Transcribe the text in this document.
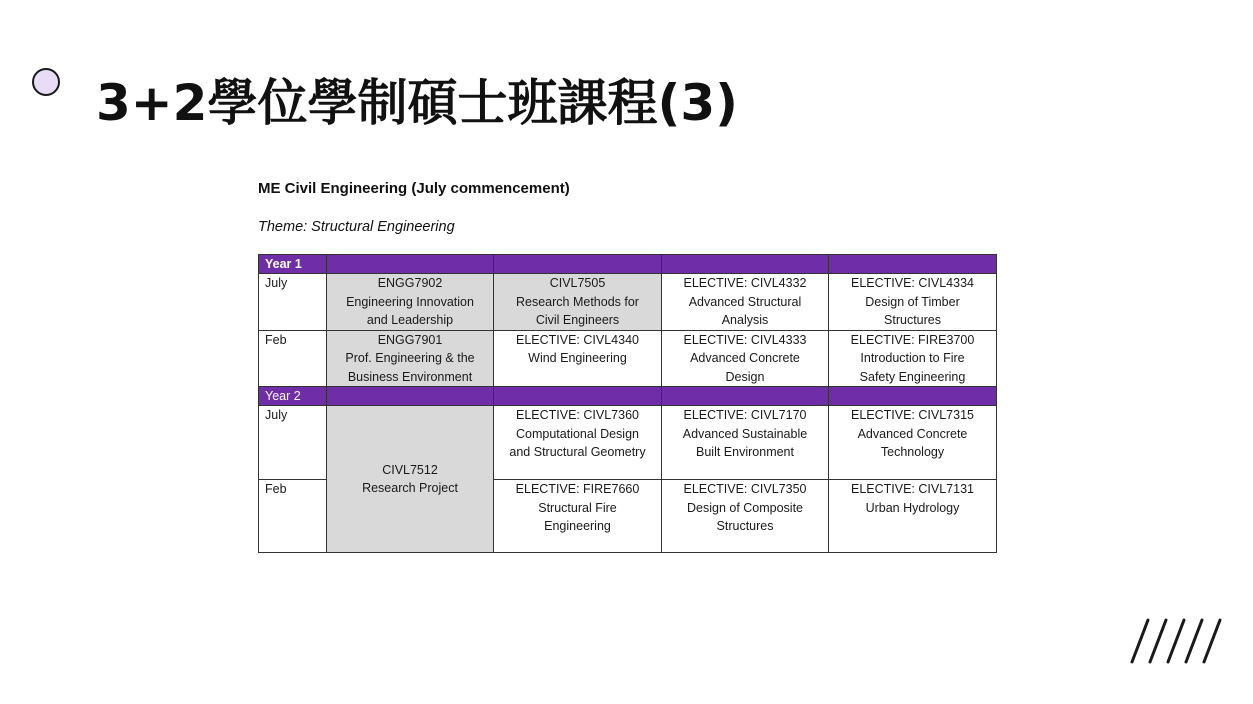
3+2學位學制碩士班課程(3)
ME Civil Engineering (July commencement)
Theme: Structural Engineering
Year 1				
July	ENGG7902
Engineering Innovation
and Leadership	CIVL7505
Research Methods for
Civil Engineers	ELECTIVE: CIVL4332
Advanced Structural
Analysis	ELECTIVE: CIVL4334
Design of Timber
Structures

Feb	ENGG7901
Prof. Engineering & the
Business Environment	ELECTIVE: CIVL4340
Wind Engineering	ELECTIVE: CIVL4333
Advanced Concrete
Design	ELECTIVE: FIRE3700
Introduction to Fire
Safety Engineering

Year 2				
July	CIVL7512
Research Project	ELECTIVE: CIVL7360
Computational Design
and Structural Geometry	ELECTIVE: CIVL7170
Advanced Sustainable
Built Environment	ELECTIVE: CIVL7315
Advanced Concrete
Technology

Feb		ELECTIVE: FIRE7660
Structural Fire
Engineering	ELECTIVE: CIVL7350
Design of Composite
Structures	ELECTIVE: CIVL7131
Urban Hydrology
